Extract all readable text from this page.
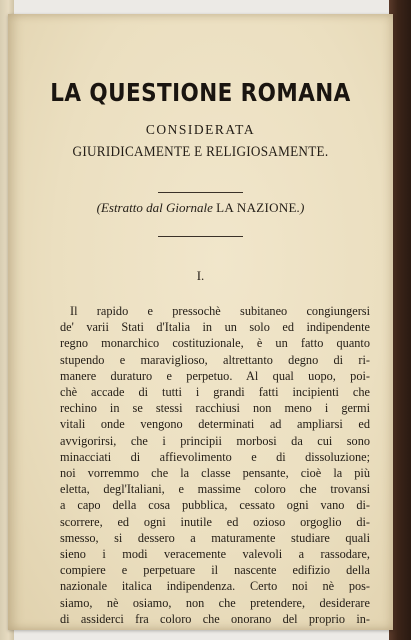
LA QUESTIONE ROMANA
CONSIDERATA
GIURIDICAMENTE E RELIGIOSAMENTE.
(Estratto dal Giornale LA NAZIONE.)
I.
Il rapido e pressochè subitaneo congiungersi
de' varii Stati d'Italia in un solo ed indipendente
regno monarchico costituzionale, è un fatto quanto
stupendo e maraviglioso, altrettanto degno di ri-
manere duraturo e perpetuo. Al qual uopo, poi-
chè accade di tutti i grandi fatti incipienti che
rechino in se stessi racchiusi non meno i germi
vitali onde vengono determinati ad ampliarsi ed
avvigorirsi, che i principii morbosi da cui sono
minacciati di affievolimento e di dissoluzione;
noi vorremmo che la classe pensante, cioè la più
eletta, degl'Italiani, e massime coloro che trovansi
a capo della cosa pubblica, cessato ogni vano di-
scorrere, ed ogni inutile ed ozioso orgoglio di-
smesso, si dessero a maturamente studiare quali
sieno i modi veracemente valevoli a rassodare,
compiere e perpetuare il nascente edifizio della
nazionale italica indipendenza. Certo noi nè pos-
siamo, nè osiamo, non che pretendere, desiderare
di assiderci fra coloro che onorano del proprio in-
